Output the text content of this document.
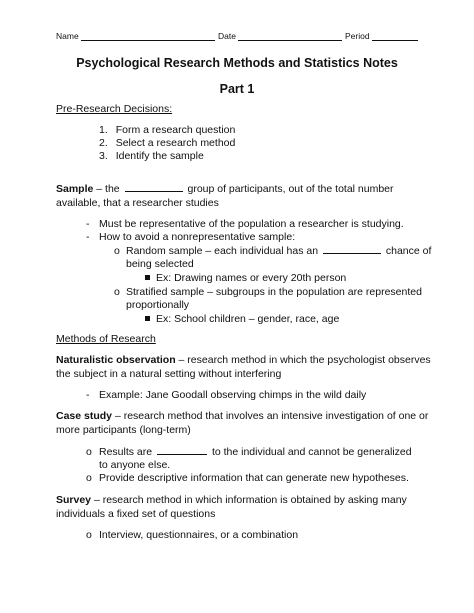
Name	Date	Period
Psychological Research Methods and Statistics Notes
Part 1
Pre-Research Decisions:
1. Form a research question
2. Select a research method
3. Identify the sample
Sample – the	group of participants, out of the total number
available, that a researcher studies
- Must be representative of the population a researcher is studying.
- How to avoid a nonrepresentative sample:
o Random sample – each individual has an	chance of
being selected
Ex: Drawing names or every 20th person
o Stratified sample – subgroups in the population are represented
proportionally
Ex: School children – gender, race, age
Methods of Research
Naturalistic observation – research method in which the psychologist observes
the subject in a natural setting without interfering
- Example: Jane Goodall observing chimps in the wild daily
Case study – research method that involves an intensive investigation of one or
more participants (long-term)
o Results are	to the individual and cannot be generalized
to anyone else.
o Provide descriptive information that can generate new hypotheses.
Survey – research method in which information is obtained by asking many
individuals a fixed set of questions
o Interview, questionnaires, or a combination
